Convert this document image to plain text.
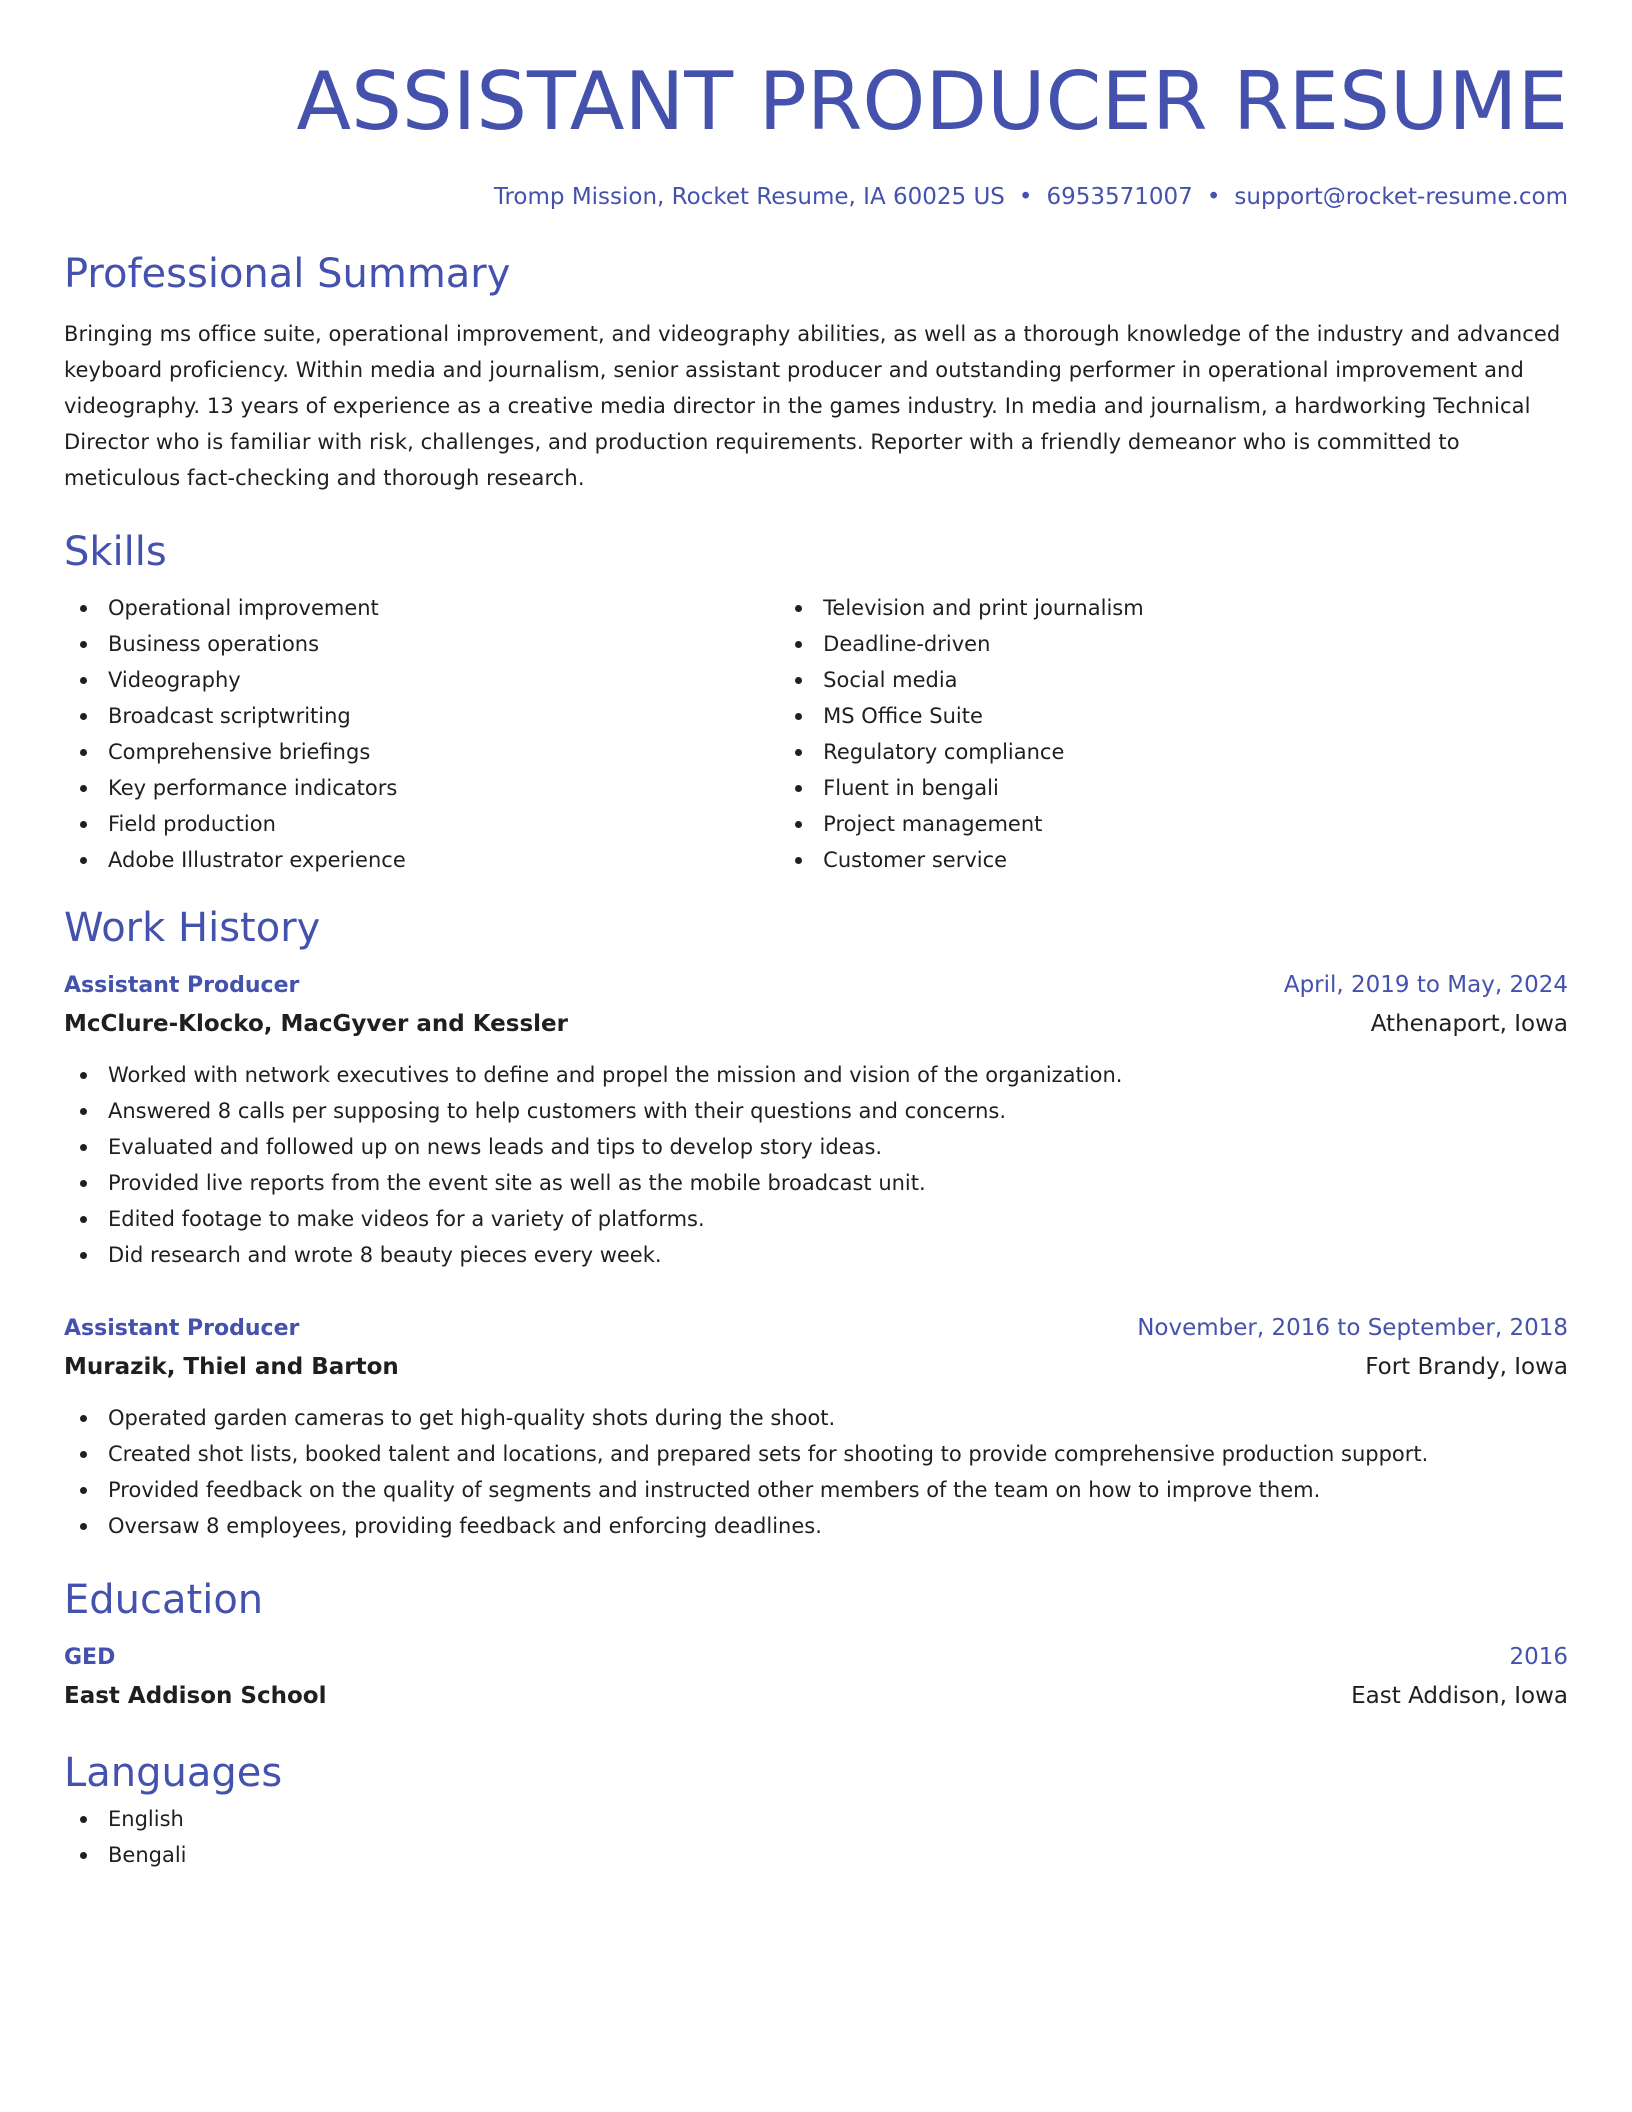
ASSISTANT PRODUCER RESUME
Tromp Mission, Rocket Resume, IA 60025 US • 6953571007 • support@rocket-resume.com
Professional Summary
Bringing ms office suite, operational improvement, and videography abilities, as well as a thorough knowledge of the industry and advanced keyboard proficiency. Within media and journalism, senior assistant producer and outstanding performer in operational improvement and videography. 13 years of experience as a creative media director in the games industry. In media and journalism, a hardworking Technical Director who is familiar with risk, challenges, and production requirements. Reporter with a friendly demeanor who is committed to meticulous fact-checking and thorough research.
Skills
Operational improvement
Business operations
Videography
Broadcast scriptwriting
Comprehensive briefings
Key performance indicators
Field production
Adobe Illustrator experience
Television and print journalism
Deadline-driven
Social media
MS Office Suite
Regulatory compliance
Fluent in bengali
Project management
Customer service
Work History
Assistant Producer	April, 2019 to May, 2024
McClure-Klocko, MacGyver and Kessler	Athenaport, Iowa
Worked with network executives to define and propel the mission and vision of the organization.
Answered 8 calls per supposing to help customers with their questions and concerns.
Evaluated and followed up on news leads and tips to develop story ideas.
Provided live reports from the event site as well as the mobile broadcast unit.
Edited footage to make videos for a variety of platforms.
Did research and wrote 8 beauty pieces every week.
Assistant Producer	November, 2016 to September, 2018
Murazik, Thiel and Barton	Fort Brandy, Iowa
Operated garden cameras to get high-quality shots during the shoot.
Created shot lists, booked talent and locations, and prepared sets for shooting to provide comprehensive production support.
Provided feedback on the quality of segments and instructed other members of the team on how to improve them.
Oversaw 8 employees, providing feedback and enforcing deadlines.
Education
GED	2016
East Addison School	East Addison, Iowa
Languages
English
Bengali
